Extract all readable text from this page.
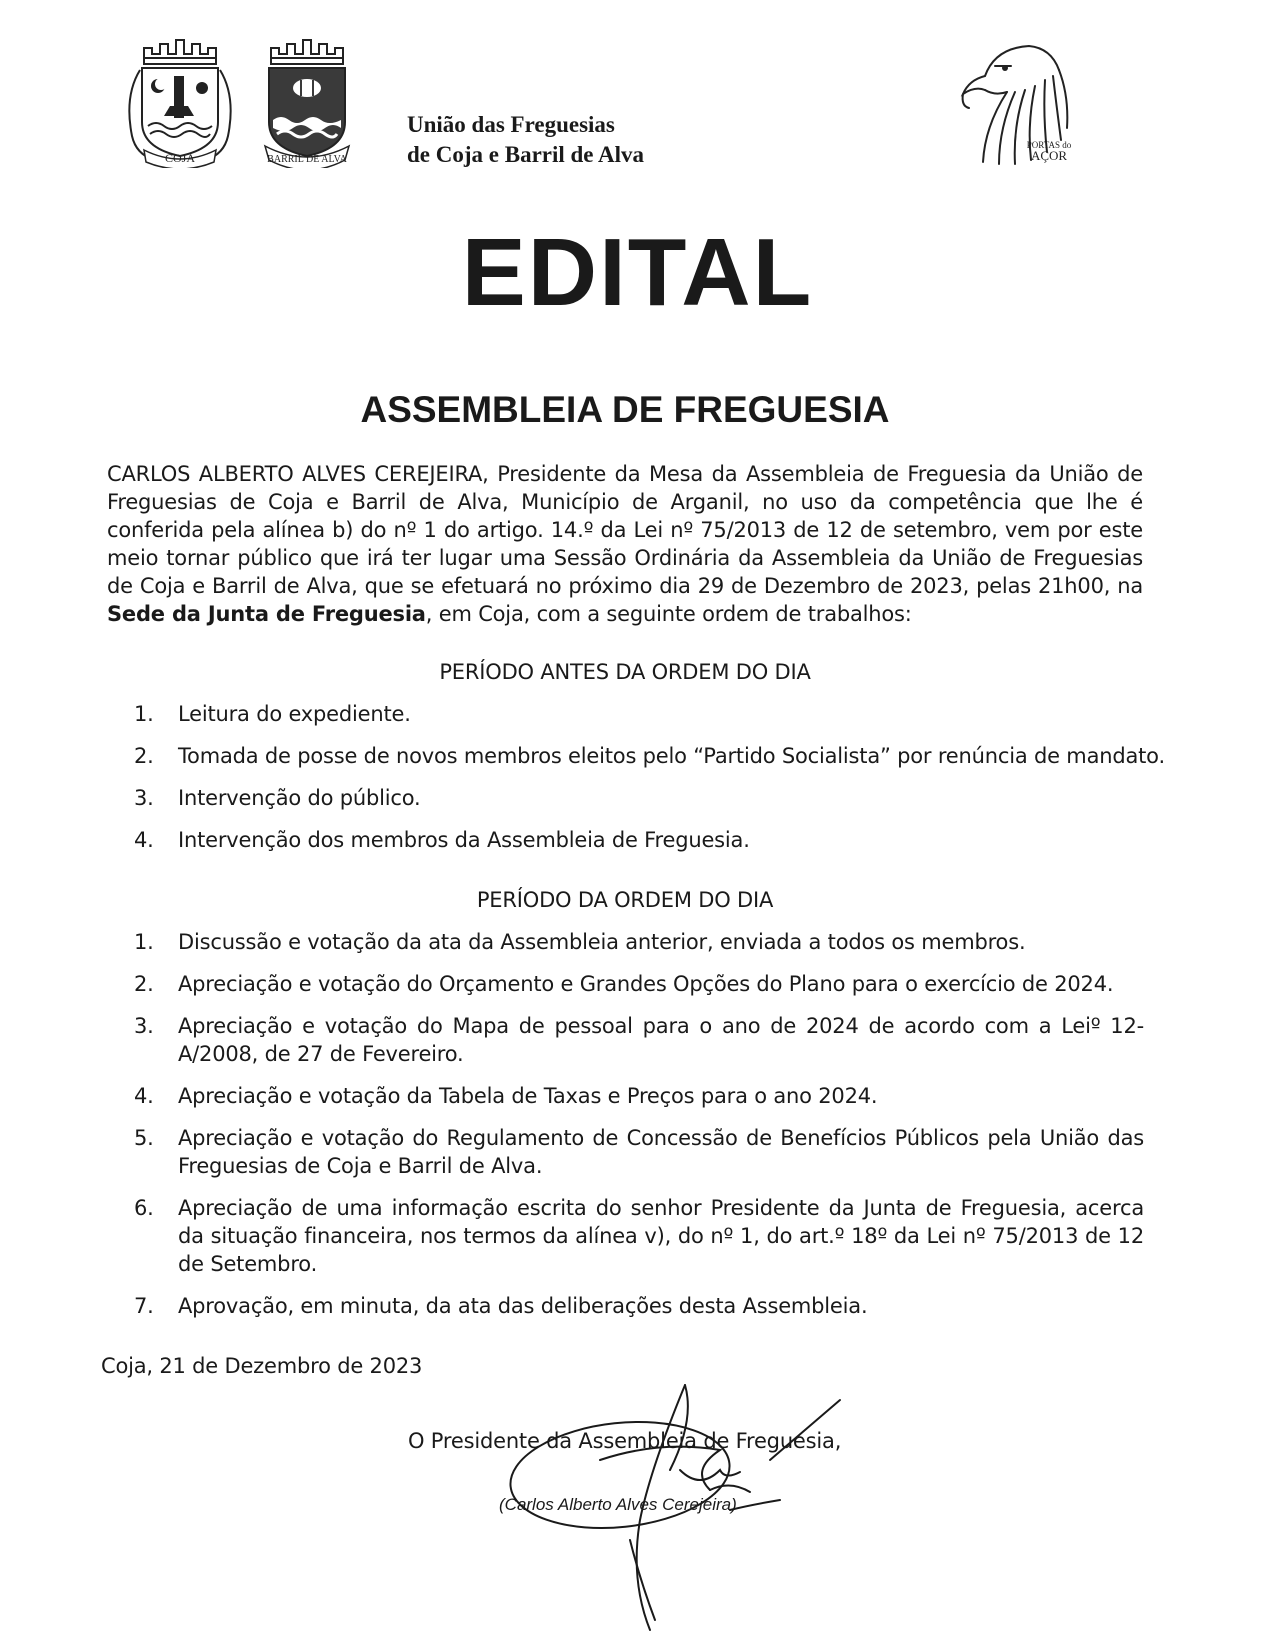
COJA	BARRIL DE ALVA
União das Freguesias
de Coja e Barril de Alva	PORTAS do
AÇOR
EDITAL
ASSEMBLEIA DE FREGUESIA
CARLOS ALBERTO ALVES CEREJEIRA, Presidente da Mesa da Assembleia de Freguesia da União de Freguesias de Coja e Barril de Alva, Município de Arganil, no uso da competência que lhe é conferida pela alínea b) do nº 1 do artigo. 14.º da Lei nº 75/2013 de 12 de setembro, vem por este meio tornar público que irá ter lugar uma Sessão Ordinária da Assembleia da União de Freguesias de Coja e Barril de Alva, que se efetuará no próximo dia 29 de Dezembro de 2023, pelas 21h00, na Sede da Junta de Freguesia, em Coja, com a seguinte ordem de trabalhos:
PERÍODO ANTES DA ORDEM DO DIA
1.	Leitura do expediente.
2.	Tomada de posse de novos membros eleitos pelo “Partido Socialista” por renúncia de mandato.
3.	Intervenção do público.
4.	Intervenção dos membros da Assembleia de Freguesia.
PERÍODO DA ORDEM DO DIA
1.	Discussão e votação da ata da Assembleia anterior, enviada a todos os membros.
2.	Apreciação e votação do Orçamento e Grandes Opções do Plano para o exercício de 2024.
3.	Apreciação e votação do Mapa de pessoal para o ano de 2024 de acordo com a Leiº 12-A/2008, de 27 de Fevereiro.
4.	Apreciação e votação da Tabela de Taxas e Preços para o ano 2024.
5.	Apreciação e votação do Regulamento de Concessão de Benefícios Públicos pela União das Freguesias de Coja e Barril de Alva.
6.	Apreciação de uma informação escrita do senhor Presidente da Junta de Freguesia, acerca da situação financeira, nos termos da alínea v), do nº 1, do art.º 18º da Lei nº 75/2013 de 12 de Setembro.
7.	Aprovação, em minuta, da ata das deliberações desta Assembleia.
Coja, 21 de Dezembro de 2023
O Presidente da Assembleia de Freguesia,
(Carlos Alberto Alves Cerejeira)
